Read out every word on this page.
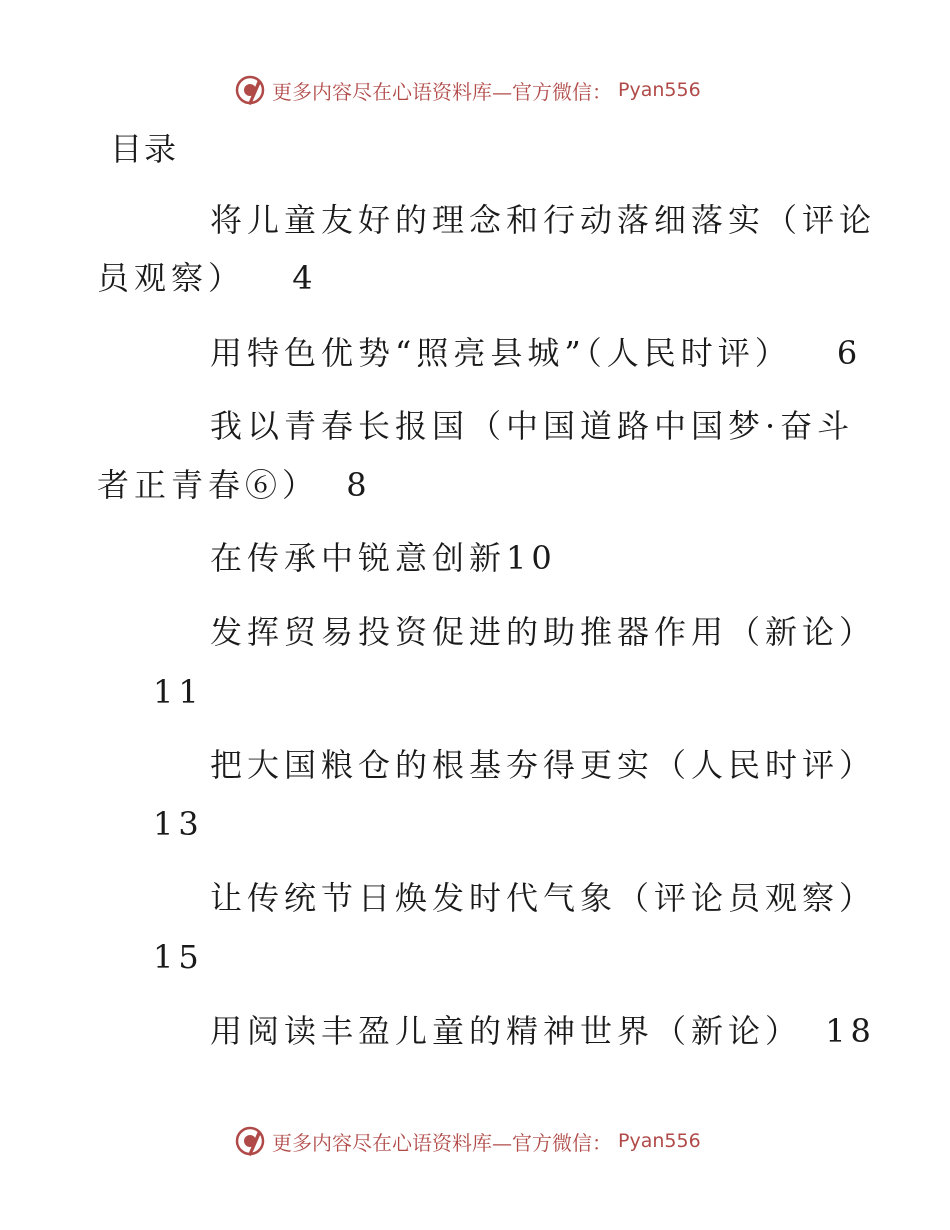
更多内容尽在心语资料库—官方微信： Pyan556
目录
将儿童友好的理念和行动落细落实（评论
员观察） 4
用特色优势“照亮县城”（人民时评） 6
我以青春长报国（中国道路中国梦·奋斗
者正青春⑥） 8
在传承中锐意创新10
发挥贸易投资促进的助推器作用（新论）
11
把大国粮仓的根基夯得更实（人民时评）
13
让传统节日焕发时代气象（评论员观察）
15
用阅读丰盈儿童的精神世界（新论） 18
更多内容尽在心语资料库—官方微信： Pyan556
